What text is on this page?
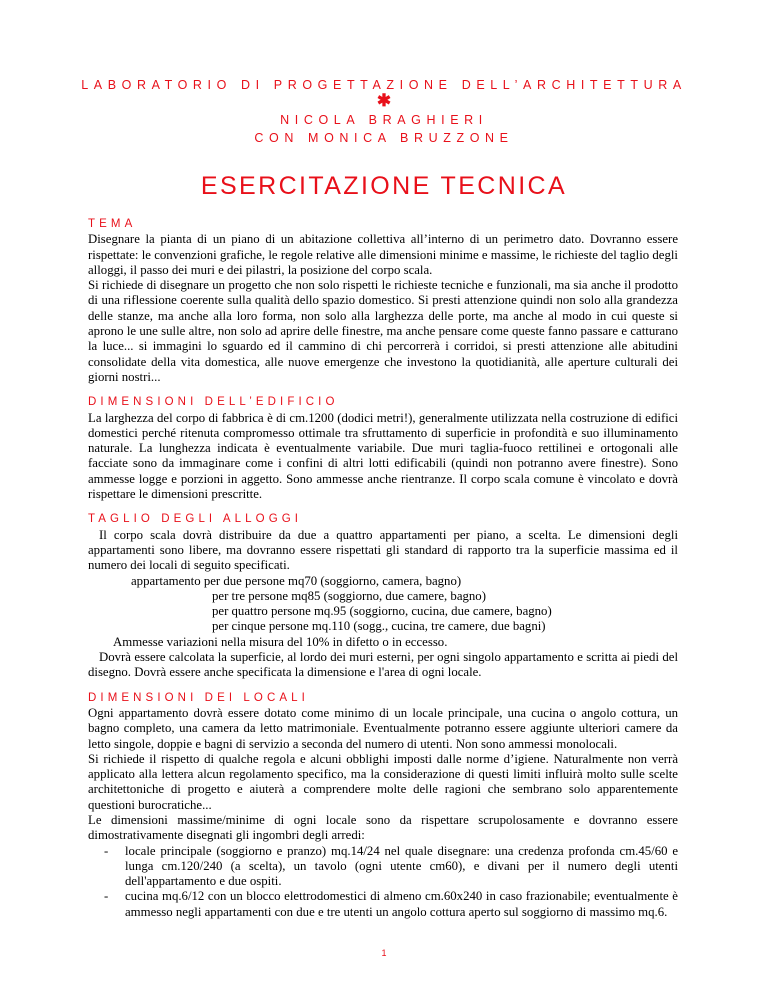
LABORATORIO DI PROGETTAZIONE DELL’ARCHITETTURA
✱
NICOLA BRAGHIERI
CON MONICA BRUZZONE
ESERCITAZIONE TECNICA

TEMA

Disegnare la pianta di un piano di un abitazione collettiva all’interno di un perimetro dato. Dovranno essere rispettate: le convenzioni grafiche, le regole relative alle dimensioni minime e massime, le richieste del taglio degli alloggi, il passo dei muri e dei pilastri, la posizione del corpo scala.

Si richiede di disegnare un progetto che non solo rispetti le richieste tecniche e funzionali, ma sia anche il prodotto di una riflessione coerente sulla qualità dello spazio domestico. Si presti attenzione quindi non solo alla grandezza delle stanze, ma anche alla loro forma, non solo alla larghezza delle porte, ma anche al modo in cui queste si aprono le une sulle altre, non solo ad aprire delle finestre, ma anche pensare come queste fanno passare e catturano la luce... si immagini lo sguardo ed il cammino di chi percorrerà i corridoi, si presti attenzione alle abitudini consolidate della vita domestica, alle nuove emergenze che investono la quotidianità, alle aperture culturali dei giorni nostri...

DIMENSIONI DELL’EDIFICIO

La larghezza del corpo di fabbrica è di cm.1200 (dodici metri!), generalmente utilizzata nella costruzione di edifici domestici perché ritenuta compromesso ottimale tra sfruttamento di superficie in profondità e suo illuminamento naturale. La lunghezza indicata è eventualmente variabile. Due muri taglia-fuoco rettilinei e ortogonali alle facciate sono da immaginare come i confini di altri lotti edificabili (quindi non potranno avere finestre). Sono ammesse logge e porzioni in aggetto. Sono ammesse anche rientranze. Il corpo scala comune è vincolato e dovrà rispettare le dimensioni prescritte.

TAGLIO DEGLI ALLOGGI

Il corpo scala dovrà distribuire da due a quattro appartamenti per piano, a scelta. Le dimensioni degli appartamenti sono libere, ma dovranno essere rispettati gli standard di rapporto tra la superficie massima ed il numero dei locali di seguito specificati.

appartamento per due persone mq70 (soggiorno, camera, bagno)

per tre persone mq85 (soggiorno, due camere, bagno)

per quattro persone mq.95 (soggiorno, cucina, due camere, bagno)

per cinque persone mq.110 (sogg., cucina, tre camere, due bagni)

Ammesse variazioni nella misura del 10% in difetto o in eccesso.

Dovrà essere calcolata la superficie, al lordo dei muri esterni, per ogni singolo appartamento e scritta ai piedi del disegno. Dovrà essere anche specificata la dimensione e l'area di ogni locale.

DIMENSIONI DEI LOCALI

Ogni appartamento dovrà essere dotato come minimo di un locale principale, una cucina o angolo cottura, un bagno completo, una camera da letto matrimoniale. Eventualmente potranno essere aggiunte ulteriori camere da letto singole, doppie e bagni di servizio a seconda del numero di utenti. Non sono ammessi monolocali.

Si richiede il rispetto di qualche regola e alcuni obblighi imposti dalle norme d’igiene. Naturalmente non verrà applicato alla lettera alcun regolamento specifico, ma la considerazione di questi limiti influirà molto sulle scelte architettoniche di progetto e aiuterà a comprendere molte delle ragioni che sembrano solo apparentemente questioni burocratiche...

Le dimensioni massime/minime di ogni locale sono da rispettare scrupolosamente e dovranno essere dimostrativamente disegnati gli ingombri degli arredi:

- locale principale (soggiorno e pranzo) mq.14/24 nel quale disegnare: una credenza profonda cm.45/60 e lunga cm.120/240 (a scelta), un tavolo (ogni utente cm60), e divani per il numero degli utenti dell'appartamento e due ospiti.
- cucina mq.6/12 con un blocco elettrodomestici di almeno cm.60x240 in caso frazionabile; eventualmente è ammesso negli appartamenti con due e tre utenti un angolo cottura aperto sul soggiorno di massimo mq.6.
1
